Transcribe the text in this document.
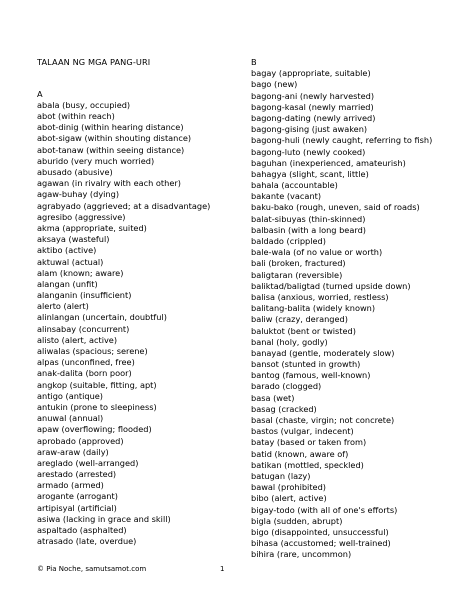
TALAAN NG MGA PANG-URI
A
abala (busy, occupied)
abot (within reach)
abot-dinig (within hearing distance)
abot-sigaw (within shouting distance)
abot-tanaw (within seeing distance)
aburido (very much worried)
abusado (abusive)
agawan (in rivalry with each other)
agaw-buhay (dying)
agrabyado (aggrieved; at a disadvantage)
agresibo (aggressive)
akma (appropriate, suited)
aksaya (wasteful)
aktibo (active)
aktuwal (actual)
alam (known; aware)
alangan (unfit)
alanganin (insufficient)
alerto (alert)
alinlangan (uncertain, doubtful)
alinsabay (concurrent)
alisto (alert, active)
aliwalas (spacious; serene)
alpas (unconfined, free)
anak-dalita (born poor)
angkop (suitable, fitting, apt)
antigo (antique)
antukin (prone to sleepiness)
anuwal (annual)
apaw (overflowing; flooded)
aprobado (approved)
araw-araw (daily)
areglado (well-arranged)
arestado (arrested)
armado (armed)
arogante (arrogant)
artipisyal (artificial)
asiwa (lacking in grace and skill)
aspaltado (asphalted)
atrasado (late, overdue)
B
bagay (appropriate, suitable)
bago (new)
bagong-ani (newly harvested)
bagong-kasal (newly married)
bagong-dating (newly arrived)
bagong-gising (just awaken)
bagong-huli (newly caught, referring to fish)
bagong-luto (newly cooked)
baguhan (inexperienced, amateurish)
bahagya (slight, scant, little)
bahala (accountable)
bakante (vacant)
baku-bako (rough, uneven, said of roads)
balat-sibuyas (thin-skinned)
balbasin (with a long beard)
baldado (crippled)
bale-wala (of no value or worth)
bali (broken, fractured)
baligtaran (reversible)
baliktad/baligtad (turned upside down)
balisa (anxious, worried, restless)
balitang-balita (widely known)
baliw (crazy, deranged)
baluktot (bent or twisted)
banal (holy, godly)
banayad (gentle, moderately slow)
bansot (stunted in growth)
bantog (famous, well-known)
barado (clogged)
basa (wet)
basag (cracked)
basal (chaste, virgin; not concrete)
bastos (vulgar, indecent)
batay (based or taken from)
batid (known, aware of)
batikan (mottled, speckled)
batugan (lazy)
bawal (prohibited)
bibo (alert, active)
bigay-todo (with all of one's efforts)
bigla (sudden, abrupt)
bigo (disappointed, unsuccessful)
bihasa (accustomed; well-trained)
bihira (rare, uncommon)
© Pia Noche, samutsamot.com	1
